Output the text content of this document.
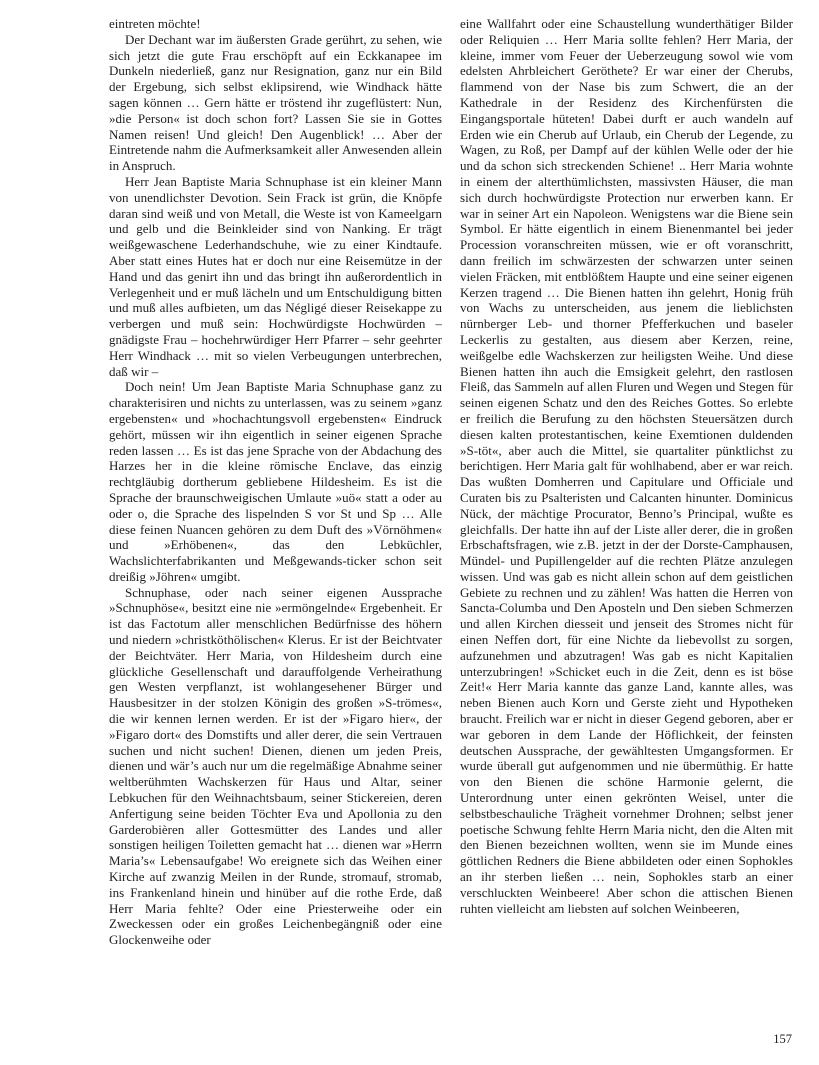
eintreten möchte!

Der Dechant war im äußersten Grade gerührt, zu sehen, wie sich jetzt die gute Frau erschöpft auf ein Eckkanapee im Dunkeln niederließ, ganz nur Resignation, ganz nur ein Bild der Ergebung, sich selbst eklipsirend, wie Windhack hätte sagen können … Gern hätte er tröstend ihr zugeflüstert: Nun, »die Person« ist doch schon fort? Lassen Sie sie in Gottes Namen reisen! Und gleich! Den Augenblick! … Aber der Eintretende nahm die Aufmerksamkeit aller Anwesenden allein in Anspruch.

Herr Jean Baptiste Maria Schnuphase ist ein kleiner Mann von unendlichster Devotion. Sein Frack ist grün, die Knöpfe daran sind weiß und von Metall, die Weste ist von Kameelgarn und gelb und die Beinkleider sind von Nanking. Er trägt weißgewaschene Lederhandschuhe, wie zu einer Kindtaufe. Aber statt eines Hutes hat er doch nur eine Reisemütze in der Hand und das genirt ihn und das bringt ihn außerordentlich in Verlegenheit und er muß lächeln und um Entschuldigung bitten und muß alles aufbieten, um das Négligé dieser Reisekappe zu verbergen und muß sein: Hochwürdigste Hochwürden – gnädigste Frau – hochehrwürdiger Herr Pfarrer – sehr geehrter Herr Windhack … mit so vielen Verbeugungen unterbrechen, daß wir –

Doch nein! Um Jean Baptiste Maria Schnuphase ganz zu charakterisiren und nichts zu unterlassen, was zu seinem »ganz ergebensten« und »hochachtungsvoll ergebensten« Eindruck gehört, müssen wir ihn eigentlich in seiner eigenen Sprache reden lassen … Es ist das jene Sprache von der Abdachung des Harzes her in die kleine römische Enclave, das einzig rechtgläubig dortherum gebliebene Hildesheim. Es ist die Sprache der braunschweigischen Umlaute »uö« statt a oder au oder o, die Sprache des lispelnden S vor St und Sp … Alle diese feinen Nuancen gehören zu dem Duft des »Vörnöhmen« und »Erhöbenen«, das den Lebküchler, Wachslichterfabrikanten und Meßgewands-ticker schon seit dreißig »Jöhren« umgibt.

Schnuphase, oder nach seiner eigenen Aussprache »Schnuphöse«, besitzt eine nie »ermöngelnde« Ergebenheit. Er ist das Factotum aller menschlichen Bedürfnisse des höhern und niedern »christköthölischen« Klerus. Er ist der Beichtvater der Beichtväter. Herr Maria, von Hildesheim durch eine glückliche Gesellenschaft und darauffolgende Verheirathung gen Westen verpflanzt, ist wohlangesehener Bürger und Hausbesitzer in der stolzen Königin des großen »S-trömes«, die wir kennen lernen werden. Er ist der »Figaro hier«, der »Figaro dort« des Domstifts und aller derer, die sein Vertrauen suchen und nicht suchen! Dienen, dienen um jeden Preis, dienen und wär’s auch nur um die regelmäßige Abnahme seiner weltberühmten Wachskerzen für Haus und Altar, seiner Lebkuchen für den Weihnachtsbaum, seiner Stickereien, deren Anfertigung seine beiden Töchter Eva und Apollonia zu den Garderobièren aller Gottesmütter des Landes und aller sonstigen heiligen Toiletten gemacht hat … dienen war »Herrn Maria’s« Lebensaufgabe! Wo ereignete sich das Weihen einer Kirche auf zwanzig Meilen in der Runde, stromauf, stromab, ins Frankenland hinein und hinüber auf die rothe Erde, daß Herr Maria fehlte? Oder eine Priesterweihe oder ein Zweckessen oder ein großes Leichenbegängniß oder eine Glockenweihe oder

eine Wallfahrt oder eine Schaustellung wunderthätiger Bilder oder Reliquien … Herr Maria sollte fehlen? Herr Maria, der kleine, immer vom Feuer der Ueberzeugung sowol wie vom edelsten Ahrbleichert Geröthete? Er war einer der Cherubs, flammend von der Nase bis zum Schwert, die an der Kathedrale in der Residenz des Kirchenfürsten die Eingangsportale hüteten! Dabei durft er auch wandeln auf Erden wie ein Cherub auf Urlaub, ein Cherub der Legende, zu Wagen, zu Roß, per Dampf auf der kühlen Welle oder der hie und da schon sich streckenden Schiene! .. Herr Maria wohnte in einem der alterthümlichsten, massivsten Häuser, die man sich durch hochwürdigste Protection nur erwerben kann. Er war in seiner Art ein Napoleon. Wenigstens war die Biene sein Symbol. Er hätte eigentlich in einem Bienenmantel bei jeder Procession voranschreiten müssen, wie er oft voranschritt, dann freilich im schwärzesten der schwarzen unter seinen vielen Fräcken, mit entblößtem Haupte und eine seiner eigenen Kerzen tragend … Die Bienen hatten ihn gelehrt, Honig früh von Wachs zu unterscheiden, aus jenem die lieblichsten nürnberger Leb- und thorner Pfefferkuchen und baseler Leckerlis zu gestalten, aus diesem aber Kerzen, reine, weißgelbe edle Wachskerzen zur heiligsten Weihe. Und diese Bienen hatten ihn auch die Emsigkeit gelehrt, den rastlosen Fleiß, das Sammeln auf allen Fluren und Wegen und Stegen für seinen eigenen Schatz und den des Reiches Gottes. So erlebte er freilich die Berufung zu den höchsten Steuersätzen durch diesen kalten protestantischen, keine Exemtionen duldenden »S-töt«, aber auch die Mittel, sie quartaliter pünktlichst zu berichtigen. Herr Maria galt für wohlhabend, aber er war reich. Das wußten Domherren und Capitulare und Officiale und Curaten bis zu Psalteristen und Calcanten hinunter. Dominicus Nück, der mächtige Procurator, Benno’s Principal, wußte es gleichfalls. Der hatte ihn auf der Liste aller derer, die in großen Erbschaftsfragen, wie z.B. jetzt in der der Dorste-Camphausen, Mündel- und Pupillengelder auf die rechten Plätze anzulegen wissen. Und was gab es nicht allein schon auf dem geistlichen Gebiete zu rechnen und zu zählen! Was hatten die Herren von Sancta-Columba und Den Aposteln und Den sieben Schmerzen und allen Kirchen diesseit und jenseit des Stromes nicht für einen Neffen dort, für eine Nichte da liebevollst zu sorgen, aufzunehmen und abzutragen! Was gab es nicht Kapitalien unterzubringen! »Schicket euch in die Zeit, denn es ist böse Zeit!« Herr Maria kannte das ganze Land, kannte alles, was neben Bienen auch Korn und Gerste zieht und Hypotheken braucht. Freilich war er nicht in dieser Gegend geboren, aber er war geboren in dem Lande der Höflichkeit, der feinsten deutschen Aussprache, der gewähltesten Umgangsformen. Er wurde überall gut aufgenommen und nie übermüthig. Er hatte von den Bienen die schöne Harmonie gelernt, die Unterordnung unter einen gekrönten Weisel, unter die selbstbeschauliche Trägheit vornehmer Drohnen; selbst jener poetische Schwung fehlte Herrn Maria nicht, den die Alten mit den Bienen bezeichnen wollten, wenn sie im Munde eines göttlichen Redners die Biene abbildeten oder einen Sophokles an ihr sterben ließen … nein, Sophokles starb an einer verschluckten Weinbeere! Aber schon die attischen Bienen ruhten vielleicht am liebsten auf solchen Weinbeeren,

157
